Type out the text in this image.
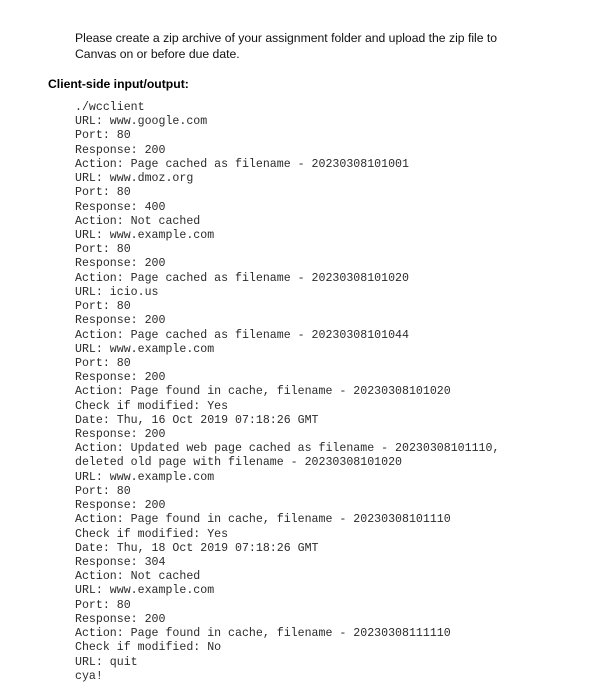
Please create a zip archive of your assignment folder and upload the zip file to

Canvas on or before due date.

Client-side input/output:
./wcclient
URL: www.google.com
Port: 80
Response: 200
Action: Page cached as filename - 20230308101001
URL: www.dmoz.org
Port: 80
Response: 400
Action: Not cached
URL: www.example.com
Port: 80
Response: 200
Action: Page cached as filename - 20230308101020
URL: icio.us
Port: 80
Response: 200
Action: Page cached as filename - 20230308101044
URL: www.example.com
Port: 80
Response: 200
Action: Page found in cache, filename - 20230308101020
Check if modified: Yes
Date: Thu, 16 Oct 2019 07:18:26 GMT
Response: 200
Action: Updated web page cached as filename - 20230308101110,
deleted old page with filename - 20230308101020
URL: www.example.com
Port: 80
Response: 200
Action: Page found in cache, filename - 20230308101110
Check if modified: Yes
Date: Thu, 18 Oct 2019 07:18:26 GMT
Response: 304
Action: Not cached
URL: www.example.com
Port: 80
Response: 200
Action: Page found in cache, filename - 20230308111110
Check if modified: No
URL: quit
cya!
